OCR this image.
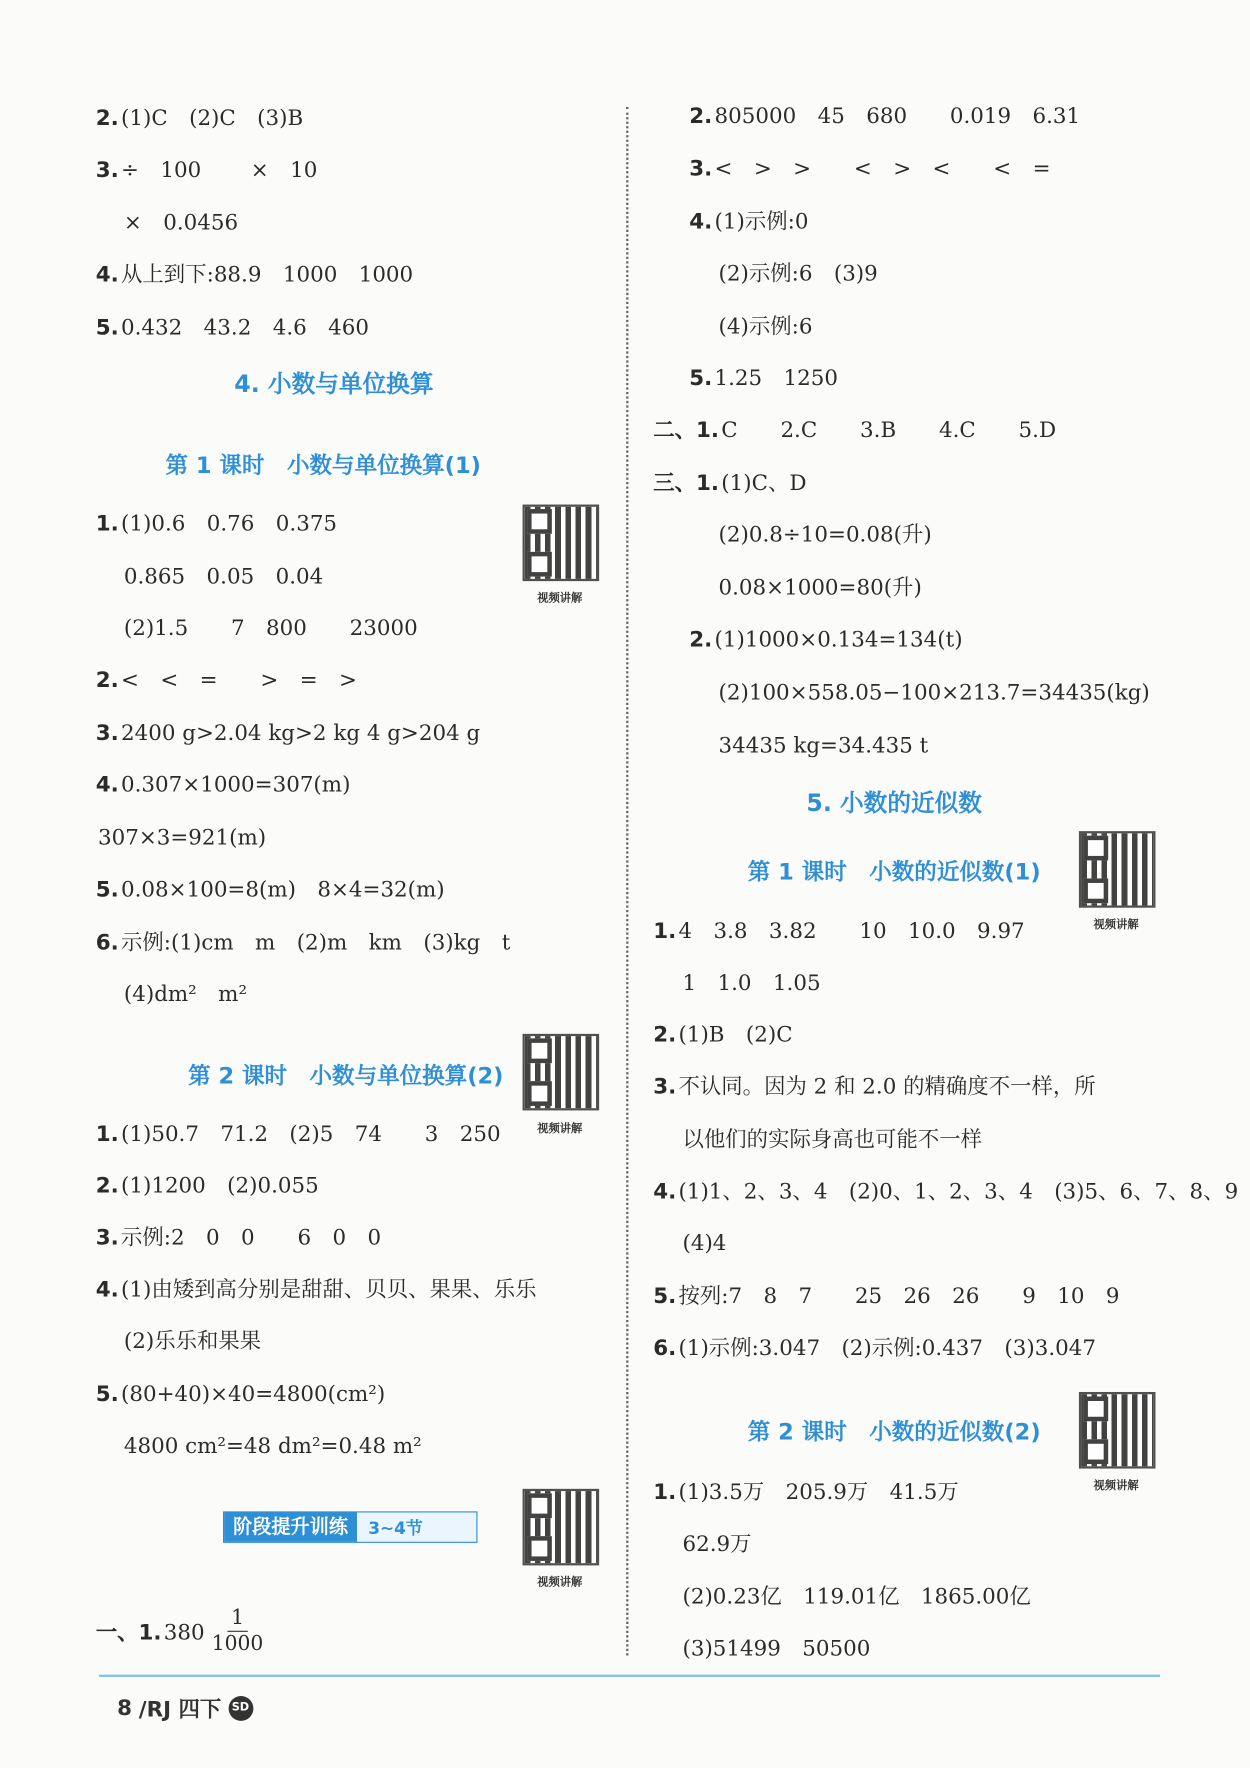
2. (1)C　(2)C　(3)B
3. ÷　100　　 ×　10
×　0.0456
4. 从上到下:88.9　1000　1000
5. 0.432　43.2　4.6　460
1. (1)0.6　0.76　0.375
0.865　0.05　0.04
(2)1.5　　7　800　　23000
2. <　<　=　　>　=　>
3. 2400 g>2.04 kg>2 kg 4 g>204 g
4. 0.307×1000=307(m)
307×3=921(m)
5. 0.08×100=8(m)　8×4=32(m)
6. 示例:(1)cm　m　(2)m　km　(3)kg　t
(4)dm²　m²
1. (1)50.7　71.2　(2)5　74　　3　250
2. (1)1200　(2)0.055
3. 示例:2　0　0　　6　0　0
4. (1)由矮到高分别是甜甜、贝贝、果果、乐乐
(2)乐乐和果果
5. (80+40)×40=4800(cm²)
4800 cm²=48 dm²=0.48 m²
一、1. 380
2. 805000　45　680　　0.019　6.31
3. <　>　>　　<　>　<　　<　=
4. (1)示例:0
(2)示例:6　(3)9
(4)示例:6
5. 1.25　1250
二、1. C　　2.C　　3.B　　4.C　　5.D
三、1. (1)C、D
(2)0.8÷10=0.08(升)
0.08×1000=80(升)
2. (1)1000×0.134=134(t)
(2)100×558.05−100×213.7=34435(kg)
34435 kg=34.435 t
1. 4　3.8　3.82　　10　10.0　9.97
1　1.0　1.05
2. (1)B　(2)C
3. 不认同。因为 2 和 2.0 的精确度不一样，所
以他们的实际身高也可能不一样
4. (1)1、2、3、4　(2)0、1、2、3、4　(3)5、6、7、8、9
(4)4
5. 按列:7　8　7　　25　26　26　　9　10　9
6. (1)示例:3.047　(2)示例:0.437　(3)3.047
1. (1)3.5万　205.9万　41.5万
62.9万
(2)0.23亿　119.01亿　1865.00亿
(3)51499　50500
4. 小数与单位换算
第 1 课时　小数与单位换算(1)
第 2 课时　小数与单位换算(2)
5. 小数的近似数
第 1 课时　小数的近似数(1)
第 2 课时　小数的近似数(2)
$\frac{1}{1000}$
阶段提升训练	3~4节
视频讲解
视频讲解
视频讲解
视频讲解
视频讲解
8 /RJ 四下	SD
